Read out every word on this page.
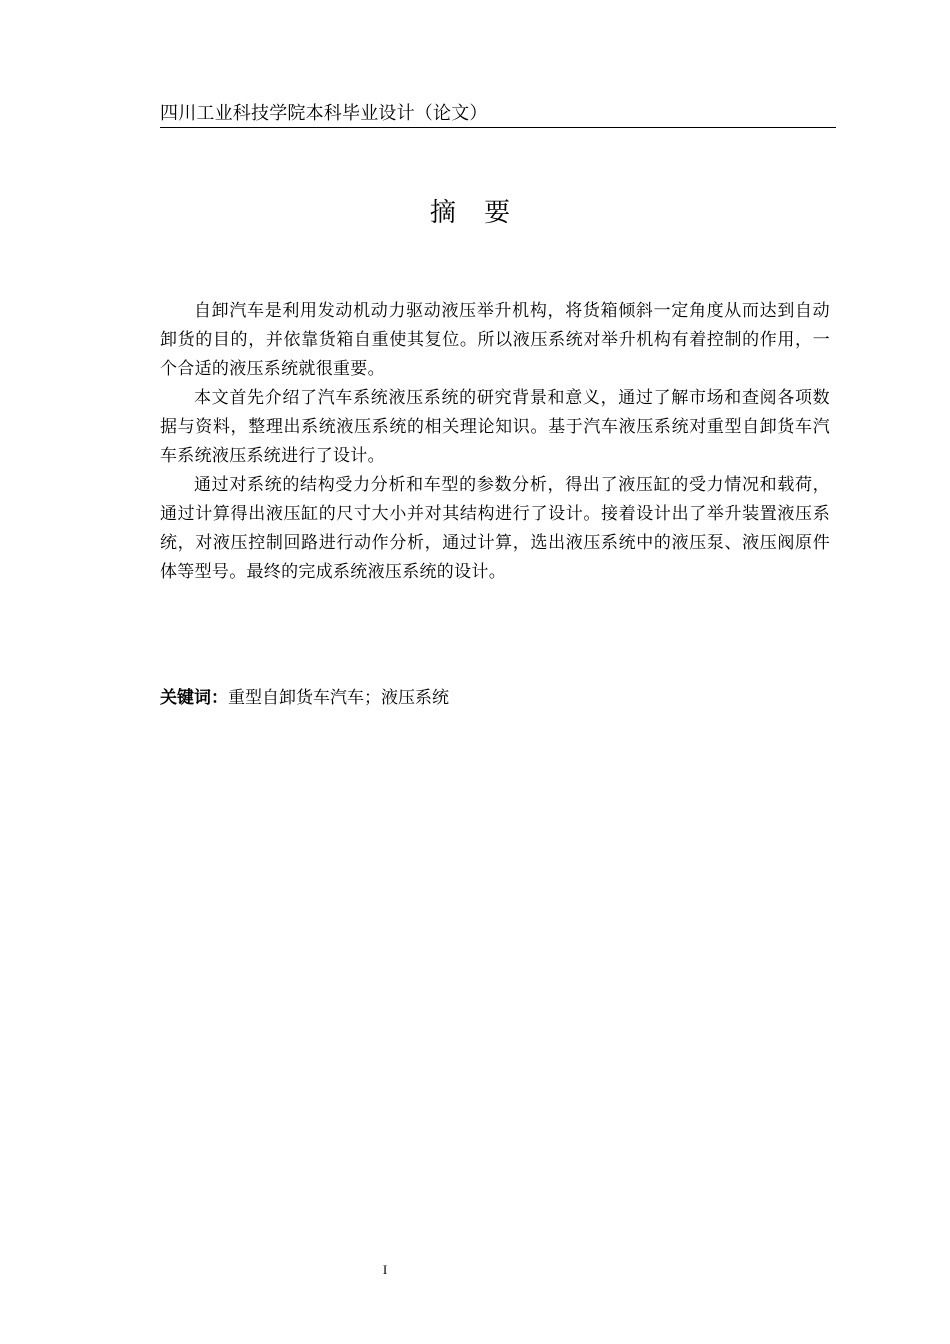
四川工业科技学院本科毕业设计（论文）
摘 要

自卸汽车是利用发动机动力驱动液压举升机构，将货箱倾斜一定角度从而达到自动卸货的目的，并依靠货箱自重使其复位。所以液压系统对举升机构有着控制的作用，一个合适的液压系统就很重要。

本文首先介绍了汽车系统液压系统的研究背景和意义，通过了解市场和查阅各项数据与资料，整理出系统液压系统的相关理论知识。基于汽车液压系统对重型自卸货车汽车系统液压系统进行了设计。

通过对系统的结构受力分析和车型的参数分析，得出了液压缸的受力情况和载荷，通过计算得出液压缸的尺寸大小并对其结构进行了设计。接着设计出了举升装置液压系统，对液压控制回路进行动作分析，通过计算，选出液压系统中的液压泵、液压阀原件体等型号。最终的完成系统液压系统的设计。

关键词：重型自卸货车汽车；液压系统
I
